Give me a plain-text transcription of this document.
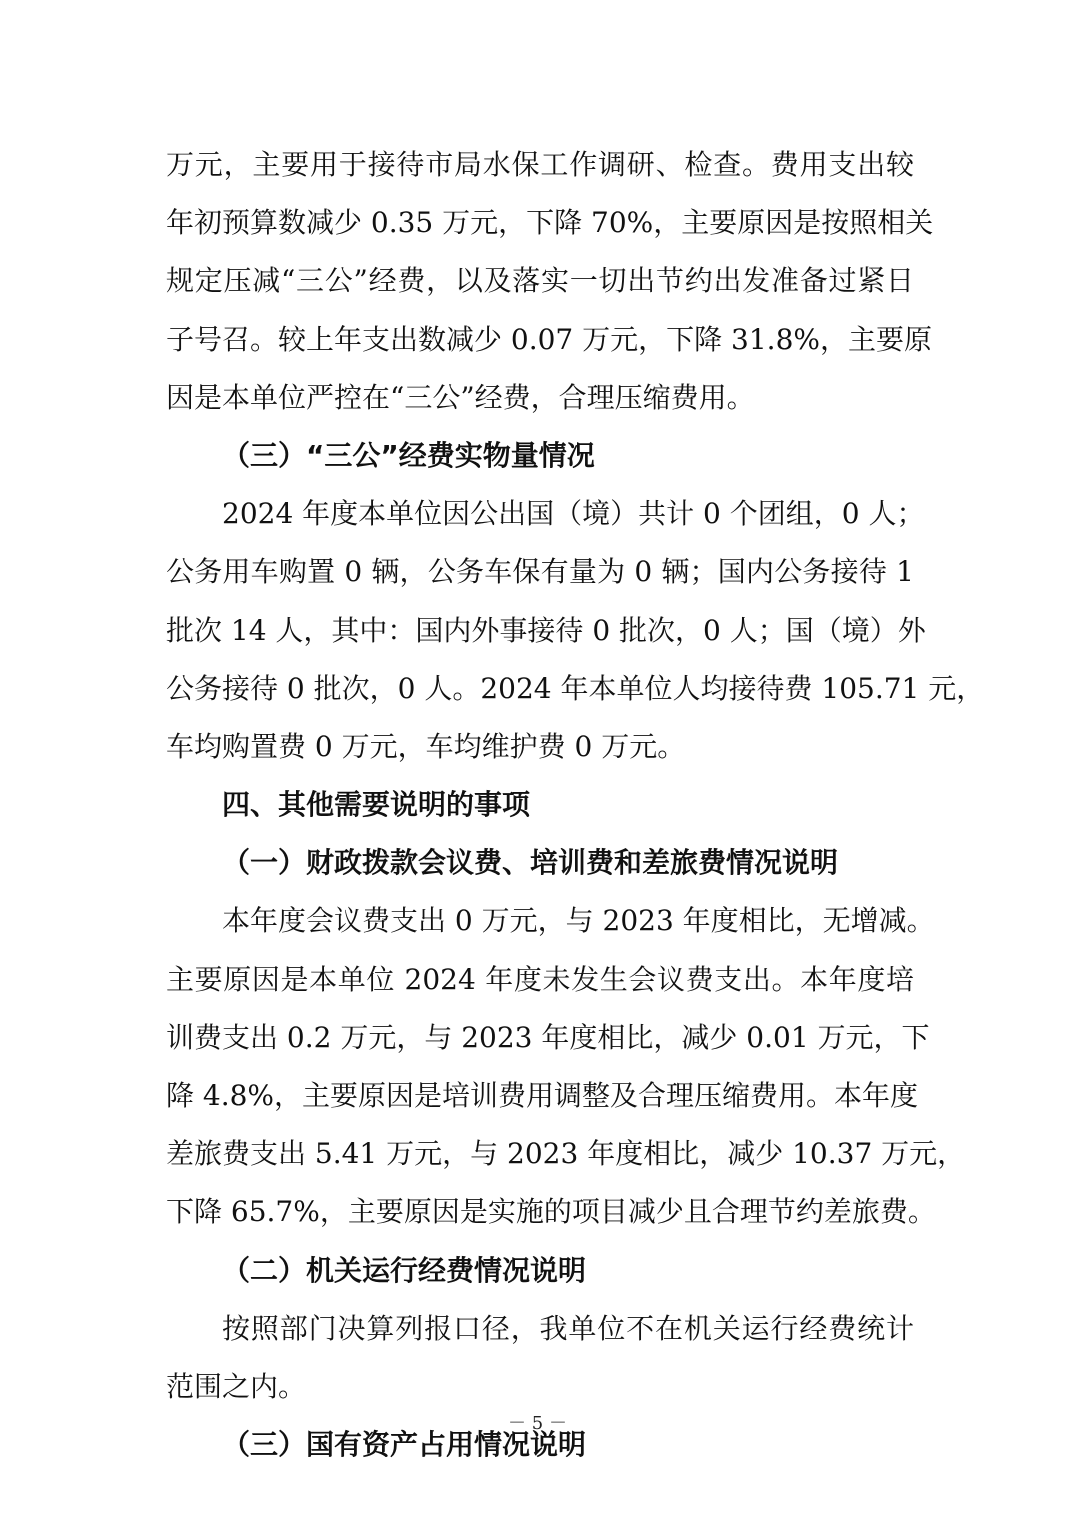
万元，主要用于接待市局水保工作调研、检查。费用支出较
年初预算数减少 0.35 万元，下降 70%，主要原因是按照相关
规定压减“三公”经费，以及落实一切出节约出发准备过紧日
子号召。较上年支出数减少 0.07 万元，下降 31.8%，主要原
因是本单位严控在“三公”经费，合理压缩费用。
（三）“三公”经费实物量情况
2024 年度本单位因公出国（境）共计 0 个团组，0 人；
公务用车购置 0 辆，公务车保有量为 0 辆；国内公务接待 1
批次 14 人，其中：国内外事接待 0 批次，0 人；国（境）外
公务接待 0 批次，0 人。2024 年本单位人均接待费 105.71 元，
车均购置费 0 万元，车均维护费 0 万元。
四、其他需要说明的事项
（一）财政拨款会议费、培训费和差旅费情况说明
本年度会议费支出 0 万元，与 2023 年度相比，无增减。
主要原因是本单位 2024 年度未发生会议费支出。本年度培
训费支出 0.2 万元，与 2023 年度相比，减少 0.01 万元，下
降 4.8%，主要原因是培训费用调整及合理压缩费用。本年度
差旅费支出 5.41 万元，与 2023 年度相比，减少 10.37 万元，
下降 65.7%，主要原因是实施的项目减少且合理节约差旅费。
（二）机关运行经费情况说明
按照部门决算列报口径，我单位不在机关运行经费统计
范围之内。
（三）国有资产占用情况说明
－ 5 －
